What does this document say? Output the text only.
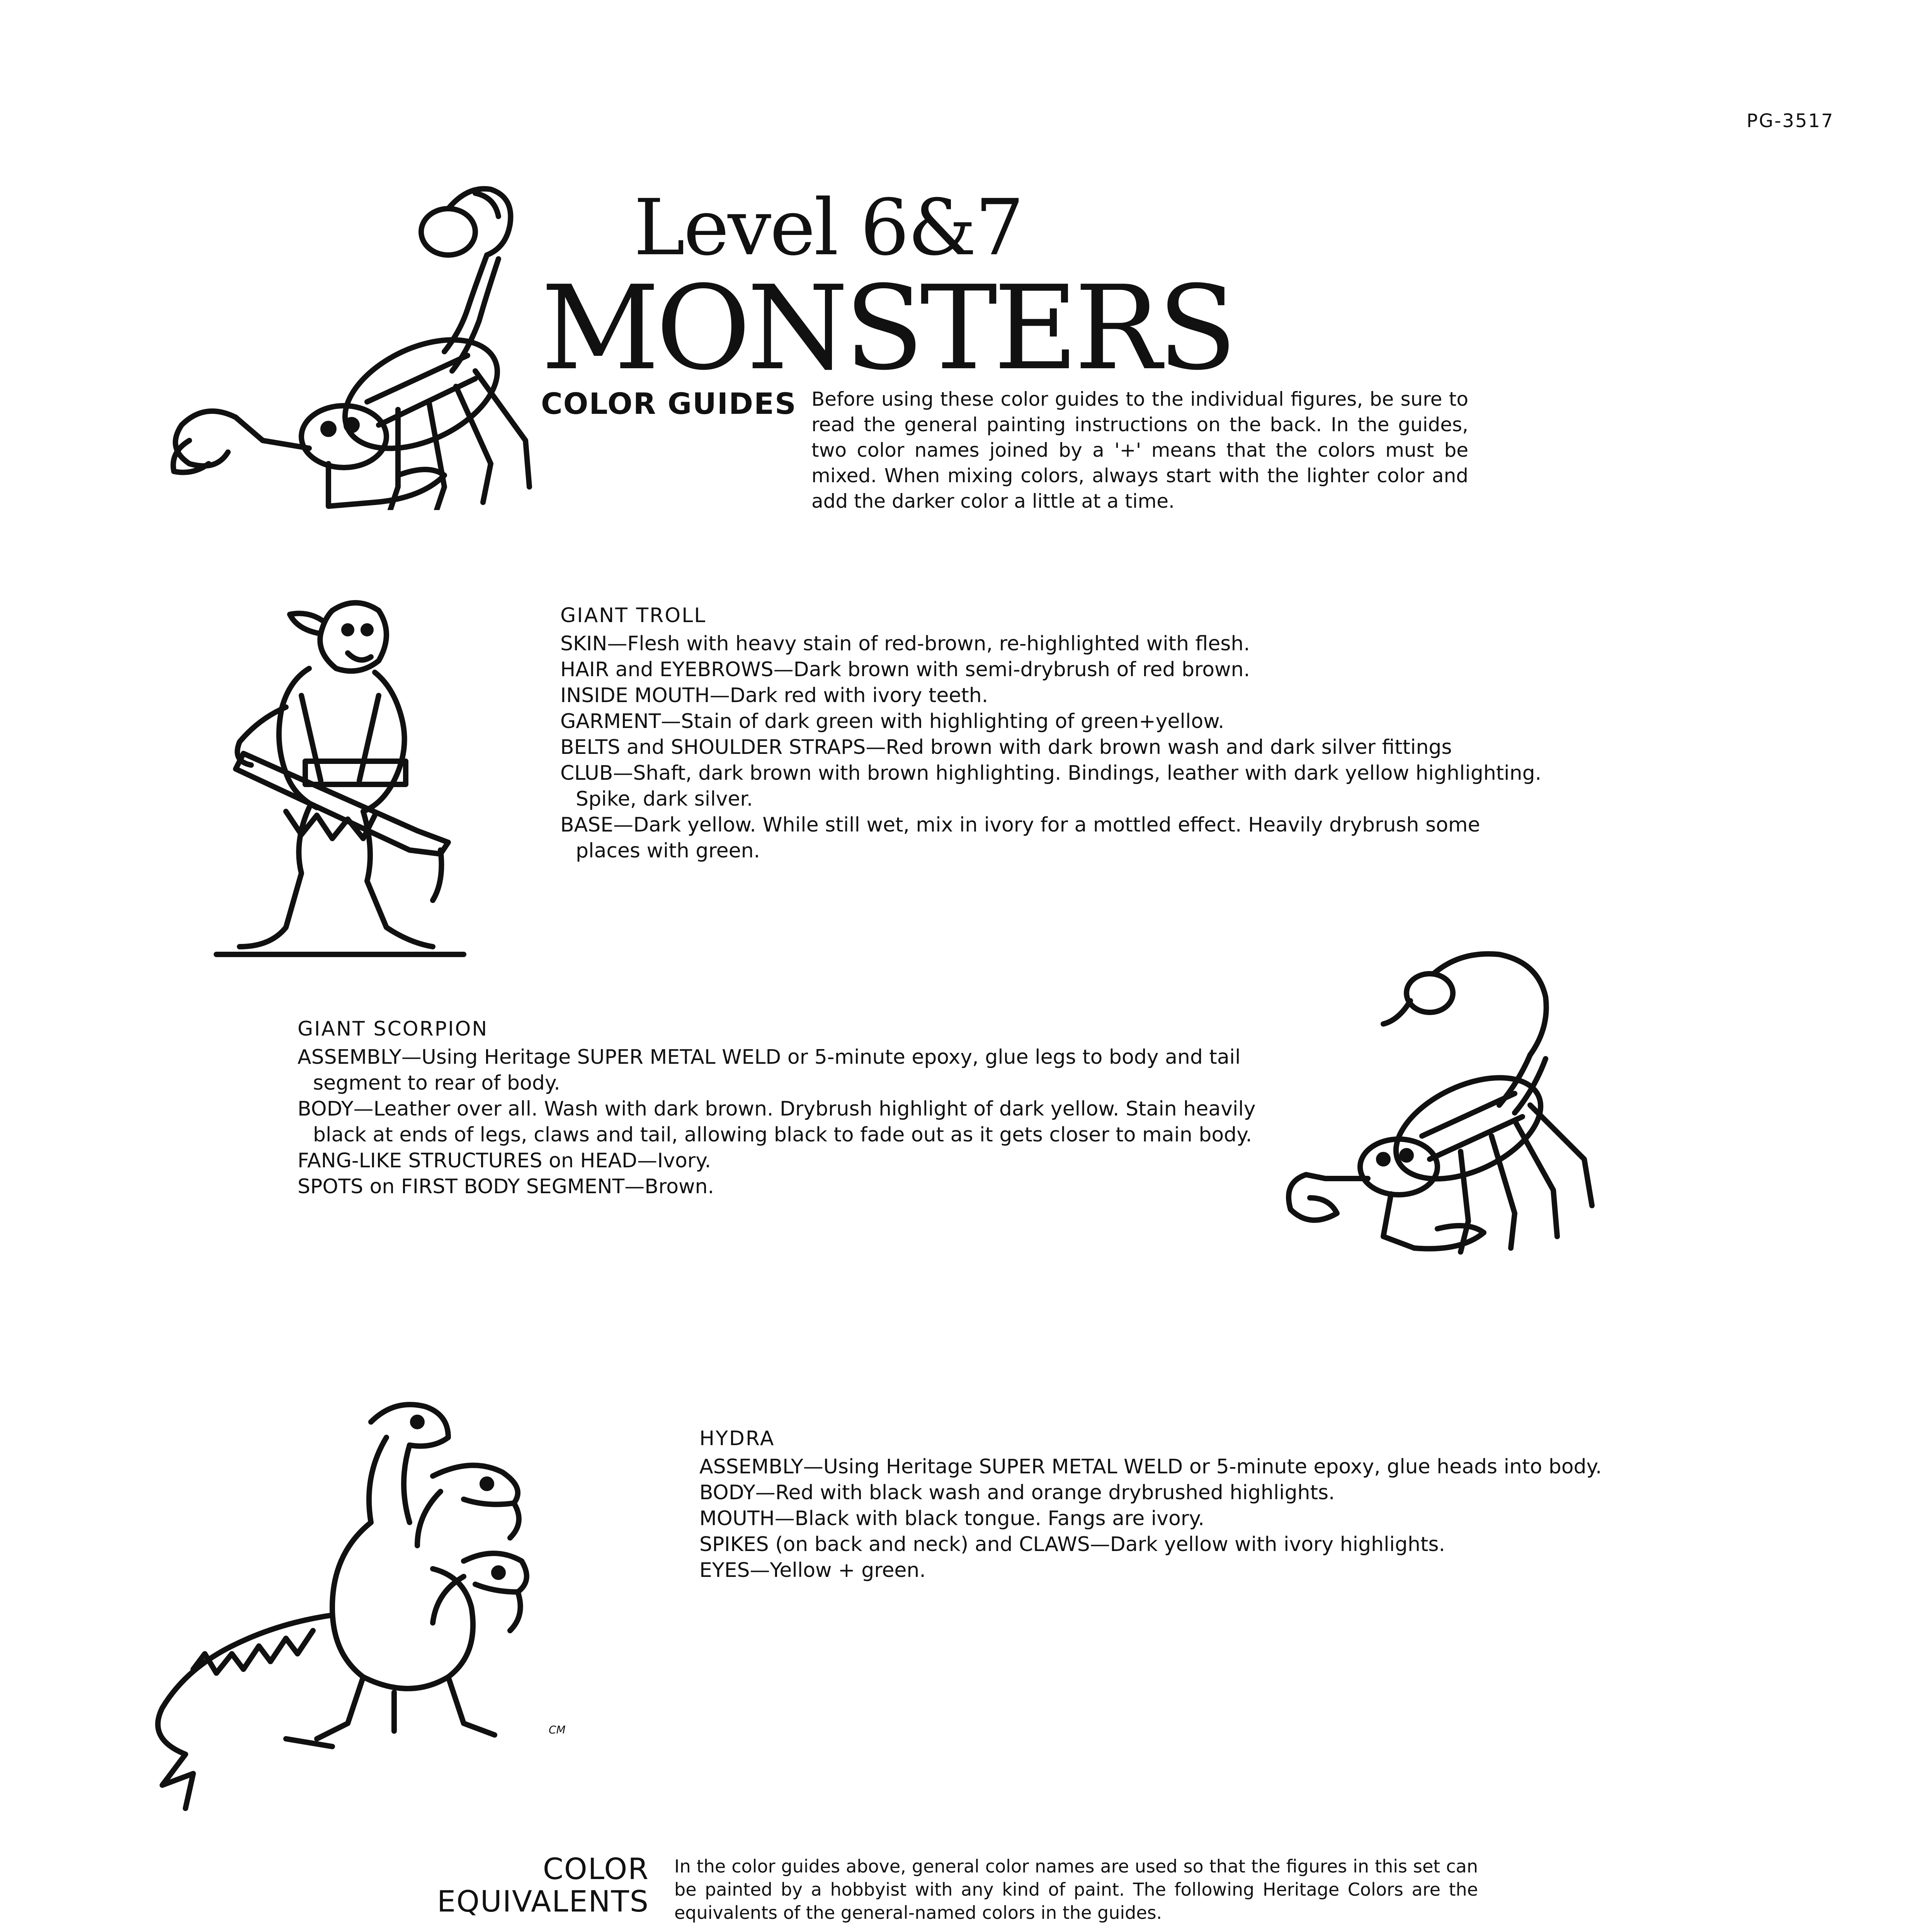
PG-3517
Level 6&7
MONSTERS
COLOR GUIDES Before using these color guides to the individual figures, be sure to read the general painting instructions on the back. In the guides, two color names joined by a '+' means that the colors must be mixed. When mixing colors, always start with the lighter color and add the darker color a little at a time.
GIANT TROLL

SKIN—Flesh with heavy stain of red-brown, re-highlighted with flesh.

HAIR and EYEBROWS—Dark brown with semi-drybrush of red brown.

INSIDE MOUTH—Dark red with ivory teeth.

GARMENT—Stain of dark green with highlighting of green+yellow.

BELTS and SHOULDER STRAPS—Red brown with dark brown wash and dark silver fittings

CLUB—Shaft, dark brown with brown highlighting. Bindings, leather with dark yellow highlighting. Spike, dark silver.

BASE—Dark yellow. While still wet, mix in ivory for a mottled effect. Heavily drybrush some places with green.

GIANT SCORPION

ASSEMBLY—Using Heritage SUPER METAL WELD or 5-minute epoxy, glue legs to body and tail segment to rear of body.

BODY—Leather over all. Wash with dark brown. Drybrush highlight of dark yellow. Stain heavily black at ends of legs, claws and tail, allowing black to fade out as it gets closer to main body.

FANG-LIKE STRUCTURES on HEAD—Ivory.

SPOTS on FIRST BODY SEGMENT—Brown.

CM
HYDRA

ASSEMBLY—Using Heritage SUPER METAL WELD or 5-minute epoxy, glue heads into body.

BODY—Red with black wash and orange drybrushed highlights.

MOUTH—Black with black tongue. Fangs are ivory.

SPIKES (on back and neck) and CLAWS—Dark yellow with ivory highlights.

EYES—Yellow + green.

COLOR
EQUIVALENTS
In the color guides above, general color names are used so that the figures in this set can be painted by a hobbyist with any kind of paint. The following Heritage Colors are the equivalents of the general-named colors in the guides.
